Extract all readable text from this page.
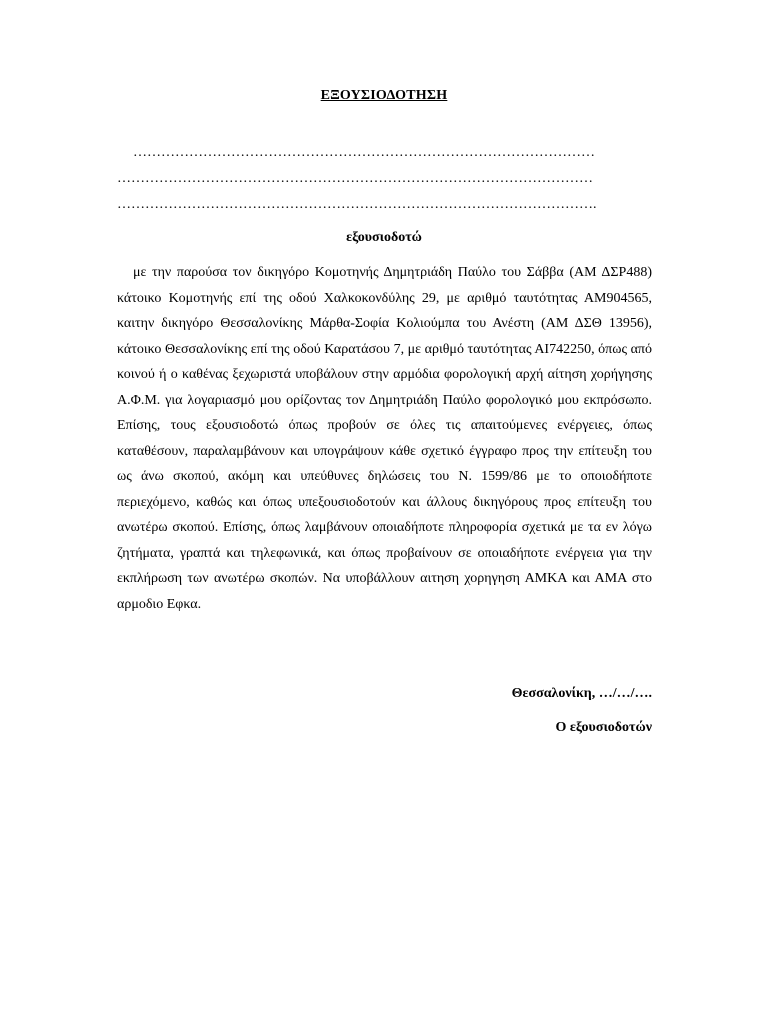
ΕΞΟΥΣΙΟΔΟΤΗΣΗ
………………………………………………………………………………………
…………………………………………………………………………………………
………………………………………………………………………………………….
εξουσιοδοτώ

με την παρούσα τον δικηγόρο Κομοτηνής Δημητριάδη Παύλο του Σάββα (ΑΜ ΔΣΡ488) κάτοικο Κομοτηνής επί της οδού Χαλκοκονδύλης 29, με αριθμό ταυτότητας ΑΜ904565, καιτην δικηγόρο Θεσσαλονίκης Μάρθα-Σοφία Κολιούμπα του Ανέστη (ΑΜ ΔΣΘ 13956), κάτοικο Θεσσαλονίκης επί της οδού Καρατάσου 7, με αριθμό ταυτότητας ΑΙ742250, όπως από κοινού ή ο καθένας ξεχωριστά υποβάλουν στην αρμόδια φορολογική αρχή αίτηση χορήγησης Α.Φ.Μ. για λογαριασμό μου ορίζοντας τον Δημητριάδη Παύλο φορολογικό μου εκπρόσωπο. Επίσης, τους εξουσιοδοτώ όπως προβούν σε όλες τις απαιτούμενες ενέργειες, όπως καταθέσουν, παραλαμβάνουν και υπογράψουν κάθε σχετικό έγγραφο προς την επίτευξη του ως άνω σκοπού, ακόμη και υπεύθυνες δηλώσεις του Ν. 1599/86 με το οποιοδήποτε περιεχόμενο, καθώς και όπως υπεξουσιοδοτούν και άλλους δικηγόρους προς επίτευξη του ανωτέρω σκοπού. Επίσης, όπως λαμβάνουν οποιαδήποτε πληροφορία σχετικά με τα εν λόγω ζητήματα, γραπτά και τηλεφωνικά, και όπως προβαίνουν σε οποιαδήποτε ενέργεια για την εκπλήρωση των ανωτέρω σκοπών. Να υποβάλλουν αιτηση χορηγηση ΑΜΚΑ και ΑΜΑ στο αρμοδιο Εφκα.

Θεσσαλονίκη, …/…/….
Ο εξουσιοδοτών
